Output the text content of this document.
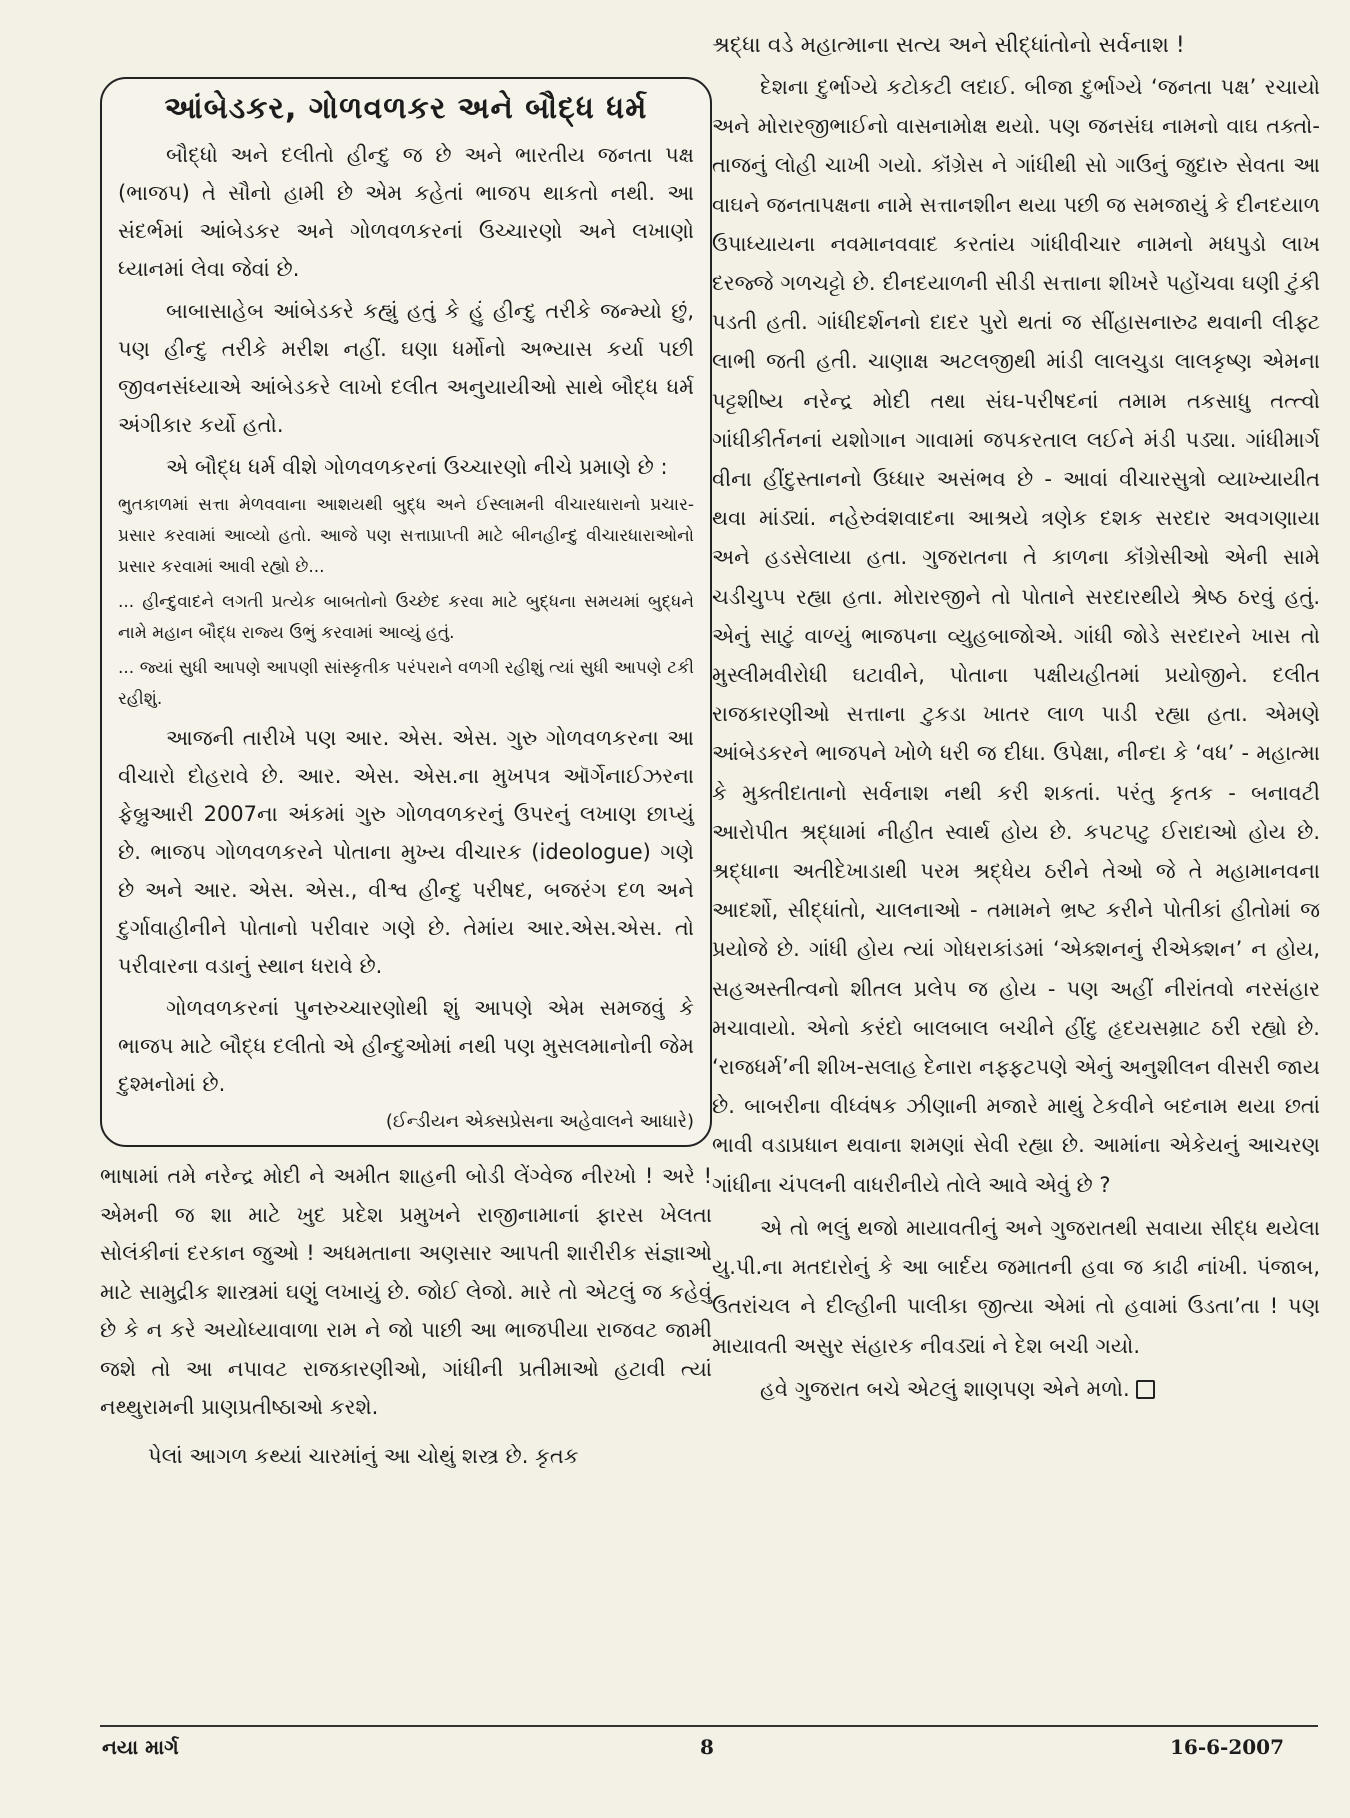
આંબેડકર, ગોળવળકર અને બૌદ્ધ ધર્મ

બૌદ્ધો અને દલીતો હીન્દુ જ છે અને ભારતીય જનતા પક્ષ (ભાજપ) તે સૌનો હામી છે એમ કહેતાં ભાજપ થાકતો નથી. આ સંદર્ભમાં આંબેડકર અને ગોળવળકરનાં ઉચ્ચારણો અને લખાણો ધ્યાનમાં લેવા જેવાં છે.

બાબાસાહેબ આંબેડકરે કહ્યું હતું કે હું હીન્દુ તરીકે જન્મ્યો છું, પણ હીન્દુ તરીકે મરીશ નહીં. ઘણા ધર્મોનો અભ્યાસ કર્યા પછી જીવનસંધ્યાએ આંબેડકરે લાખો દલીત અનુયાયીઓ સાથે બૌદ્ધ ધર્મ અંગીકાર કર્યો હતો.

એ બૌદ્ધ ધર્મ વીશે ગોળવળકરનાં ઉચ્ચારણો નીચે પ્રમાણે છે :

ભુતકાળમાં સત્તા મેળવવાના આશયથી બુદ્ધ અને ઈસ્લામની વીચારધારાનો પ્રચાર-પ્રસાર કરવામાં આવ્યો હતો. આજે પણ સત્તાપ્રાપ્તી માટે બીનહીન્દુ વીચારધારાઓનો પ્રસાર કરવામાં આવી રહ્યો છે...

... હીન્દુવાદને લગતી પ્રત્યેક બાબતોનો ઉચ્છેદ કરવા માટે બુદ્ધના સમયમાં બુદ્ધને નામે મહાન બૌદ્ધ રાજ્ય ઉભું કરવામાં આવ્યું હતું.

... જ્યાં સુધી આપણે આપણી સાંસ્કૃતીક પરંપરાને વળગી રહીશું ત્યાં સુધી આપણે ટકી રહીશું.

આજની તારીખે પણ આર. એસ. એસ. ગુરુ ગોળવળકરના આ વીચારો દોહરાવે છે. આર. એસ. એસ.ના મુખપત્ર ઑર્ગેનાઈઝરના ફેબ્રુઆરી 2007ના અંકમાં ગુરુ ગોળવળકરનું ઉપરનું લખાણ છાપ્યું છે. ભાજપ ગોળવળકરને પોતાના મુખ્ય વીચારક (ideologue) ગણે છે અને આર. એસ. એસ., વીશ્વ હીન્દુ પરીષદ, બજરંગ દળ અને દુર્ગાવાહીનીને પોતાનો પરીવાર ગણે છે. તેમાંય આર.એસ.એસ. તો પરીવારના વડાનું સ્થાન ધરાવે છે.

ગોળવળકરનાં પુનરુચ્ચારણોથી શું આપણે એમ સમજવું કે ભાજપ માટે બૌદ્ધ દલીતો એ હીન્દુઓમાં નથી પણ મુસલમાનોની જેમ દુશ્મનોમાં છે.

(ઈન્ડીયન એક્સપ્રેસના અહેવાલને આધારે)

ભાષામાં તમે નરેન્દ્ર મોદી ને અમીત શાહની બોડી લેંગ્વેજ નીરખો ! અરે ! એમની જ શા માટે ખુદ પ્રદેશ પ્રમુખને રાજીનામાનાં ફારસ ખેલતા સોલંકીનાં દરકાન જુઓ ! અધમતાના અણસાર આપતી શારીરીક સંજ્ઞાઓ માટે સામુદ્રીક શાસ્ત્રમાં ઘણું લખાયું છે. જોઈ લેજો. મારે તો એટલું જ કહેવું છે કે ન કરે અયોધ્યાવાળા રામ ને જો પાછી આ ભાજપીયા રાજવટ જામી જશે તો આ નપાવટ રાજકારણીઓ, ગાંધીની પ્રતીમાઓ હટાવી ત્યાં નથ્થુરામની પ્રાણપ્રતીષ્ઠાઓ કરશે.

પેલાં આગળ કથ્યાં ચારમાંનું આ ચોથું શસ્ત્ર છે. કૃતક

શ્રદ્ધા વડે મહાત્માના સત્ય અને સીદ્ધાંતોનો સર્વનાશ !

દેશના દુર્ભાગ્યે કટોકટી લદાઈ. બીજા દુર્ભાગ્યે ‘જનતા પક્ષ’ રચાયો અને મોરારજીભાઈનો વાસનામોક્ષ થયો. પણ જનસંઘ નામનો વાઘ તક્તો-તાજનું લોહી ચાખી ગયો. કૉંગ્રેસ ને ગાંધીથી સો ગાઉનું જુદારુ સેવતા આ વાઘને જનતાપક્ષના નામે સત્તાનશીન થયા પછી જ સમજાયું કે દીનદયાળ ઉપાધ્યાયના નવમાનવવાદ કરતાંય ગાંધીવીચાર નામનો મધપુડો લાખ દરજ્જે ગળચટ્ટો છે. દીનદયાળની સીડી સત્તાના શીખરે પહોંચવા ઘણી ટુંકી પડતી હતી. ગાંધીદર્શનનો દાદર પુરો થતાં જ સીંહાસનારુઢ થવાની લીફ્ટ લાભી જતી હતી. ચાણાક્ષ અટલજીથી માંડી લાલચુડા લાલકૃષ્ણ એમના પટ્ટશીષ્ય નરેન્દ્ર મોદી તથા સંઘ-પરીષદનાં તમામ તકસાધુ તત્ત્વો ગાંધીકીર્તનનાં યશોગાન ગાવામાં જપકરતાલ લઈને મંડી પડ્યા. ગાંધીમાર્ગ વીના હીંદુસ્તાનનો ઉધ્ધાર અસંભવ છે - આવાં વીચારસુત્રો વ્યાખ્યાયીત થવા માંડ્યાં. નહેરુવંશવાદના આશ્રયે ત્રણેક દશક સરદાર અવગણાયા અને હડસેલાયા હતા. ગુજરાતના તે કાળના કૉંગ્રેસીઓ એની સામે ચડીચુપ્પ રહ્યા હતા. મોરારજીને તો પોતાને સરદારથીયે શ્રેષ્ઠ ઠરવું હતું. એનું સાટું વાળ્યું ભાજપના વ્યુહબાજોએ. ગાંધી જોડે સરદારને ખાસ તો મુસ્લીમવીરોધી ઘટાવીને, પોતાના પક્ષીયહીતમાં પ્રયોજીને. દલીત રાજકારણીઓ સત્તાના ટુકડા ખાતર લાળ પાડી રહ્યા હતા. એમણે આંબેડકરને ભાજપને ખોળે ધરી જ દીધા. ઉપેક્ષા, નીન્દા કે ‘વધ’ - મહાત્મા કે મુક્તીદાતાનો સર્વનાશ નથી કરી શકતાં. પરંતુ કૃતક - બનાવટી આરોપીત શ્રદ્ધામાં નીહીત સ્વાર્થ હોય છે. કપટપટુ ઈરાદાઓ હોય છે. શ્રદ્ધાના અતીદેખાડાથી પરમ શ્રદ્ધેય ઠરીને તેઓ જે તે મહામાનવના આદર્શો, સીદ્ધાંતો, ચાલનાઓ - તમામને ભ્રષ્ટ કરીને પોતીકાં હીતોમાં જ પ્રયોજે છે. ગાંધી હોય ત્યાં ગોધરાકાંડમાં ‘એક્શનનું રીએક્શન’ ન હોય, સહઅસ્તીત્વનો શીતલ પ્રલેપ જ હોય - પણ અહીં નીરાંતવો નરસંહાર મચાવાયો. એનો કરંદો બાલબાલ બચીને હીંદુ હૃદયસમ્રાટ ઠરી રહ્યો છે. ‘રાજધર્મ’ની શીખ-સલાહ દેનારા નફ્ફટપણે એનું અનુશીલન વીસરી જાય છે. બાબરીના વીધ્વંષક ઝીણાની મજારે માથું ટેકવીને બદનામ થયા છતાં ભાવી વડાપ્રધાન થવાના શમણાં સેવી રહ્યા છે. આમાંના એકેયનું આચરણ ગાંધીના ચંપલની વાધરીનીયે તોલે આવે એવું છે ?

એ તો ભલું થજો માયાવતીનું અને ગુજરાતથી સવાયા સીદ્ધ થયેલા યુ.પી.ના મતદારોનું કે આ બાર્દય જમાતની હવા જ કાઢી નાંખી. પંજાબ, ઉતરાંચલ ને દીલ્હીની પાલીકા જીત્યા એમાં તો હવામાં ઉડતા’તા ! પણ માયાવતી અસુર સંહારક નીવડ્યાં ને દેશ બચી ગયો.

હવે ગુજરાત બચે એટલું શાણપણ એને મળો.

નયા માર્ગ	8	16-6-2007
